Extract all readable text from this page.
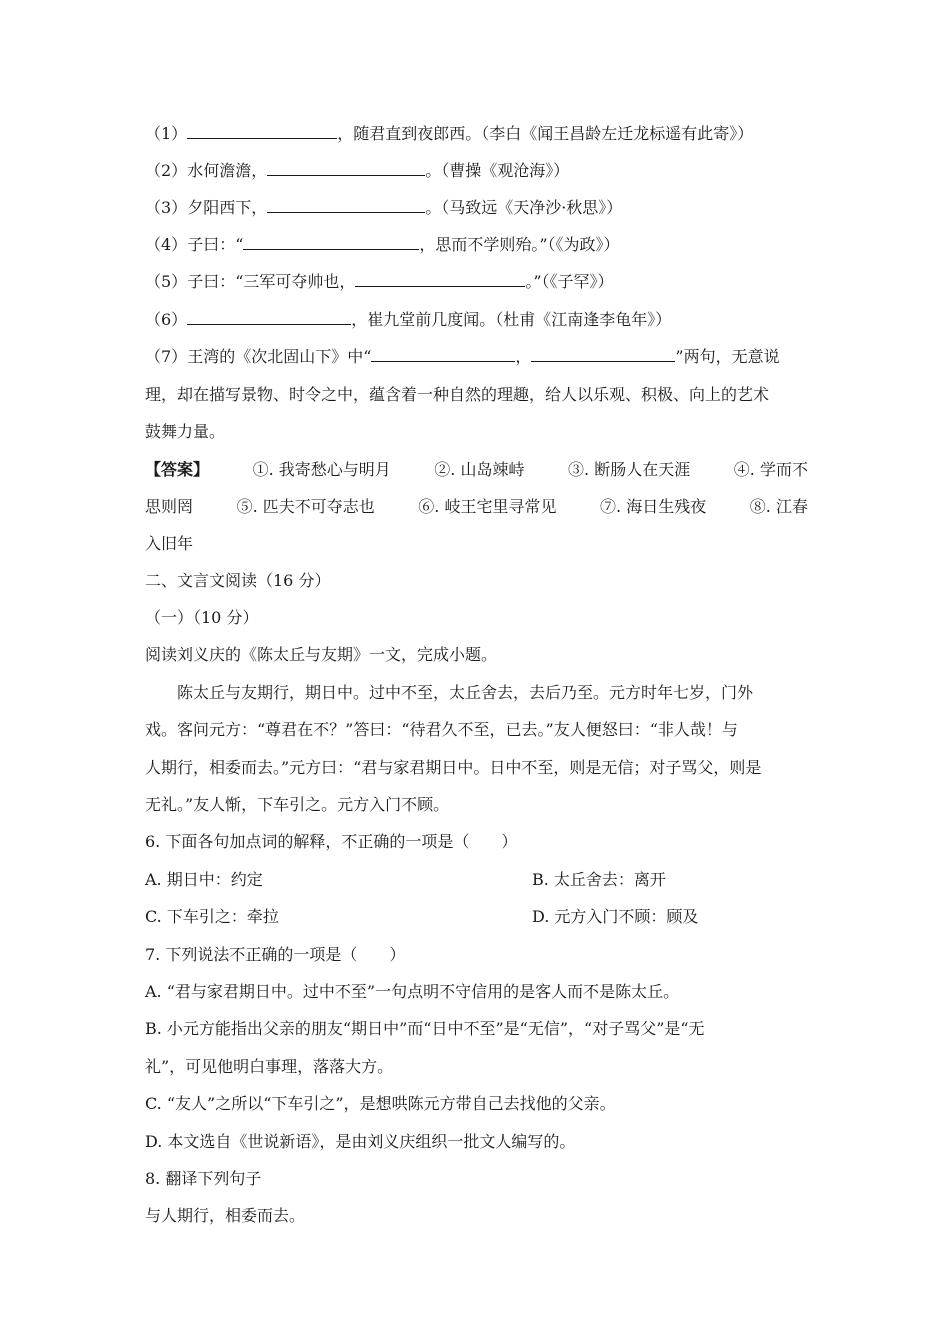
（1）	，随君直到夜郎西。（李白《闻王昌龄左迁龙标遥有此寄》）
（2）水何澹澹，	。（曹操《观沧海》）
（3）夕阳西下，	。（马致远《天净沙·秋思》）
（4）子曰：“	，思而不学则殆。”（《为政》）
（5）子曰：“三军可夺帅也，	。”（《子罕》）
（6）	，崔九堂前几度闻。（杜甫《江南逢李龟年》）
（7）王湾的《次北固山下》中“	，	”两句，无意说
理，却在描写景物、时令之中，蕴含着一种自然的理趣，给人以乐观、积极、向上的艺术
鼓舞力量。
【答案】	①. 我寄愁心与明月	②. 山岛竦峙	③. 断肠人在天涯	④. 学而不
思则罔	⑤. 匹夫不可夺志也	⑥. 岐王宅里寻常见	⑦. 海日生残夜	⑧. 江春
入旧年
二、文言文阅读（16 分）
（一）（10 分）
阅读刘义庆的《陈太丘与友期》一文，完成小题。
陈太丘与友期行，期日中。过中不至，太丘舍去，去后乃至。元方时年七岁，门外
戏。客问元方：“尊君在不？”答曰：“待君久不至，已去。”友人便怒曰：“非人哉！与
人期行，相委而去。”元方曰：“君与家君期日中。日中不至，则是无信；对子骂父，则是
无礼。”友人惭，下车引之。元方入门不顾。
6. 下面各句加点词的解释，不正确的一项是（　　）
A. 期日中：约定	B. 太丘舍去：离开
C. 下车引之：牵拉	D. 元方入门不顾：顾及
7. 下列说法不正确的一项是（　　）
A. “君与家君期日中。过中不至”一句点明不守信用的是客人而不是陈太丘。
B. 小元方能指出父亲的朋友“期日中”而“日中不至”是“无信”，“对子骂父”是“无
礼”，可见他明白事理，落落大方。
C. “友人”之所以“下车引之”，是想哄陈元方带自己去找他的父亲。
D. 本文选自《世说新语》，是由刘义庆组织一批文人编写的。
8. 翻译下列句子
与人期行，相委而去。
